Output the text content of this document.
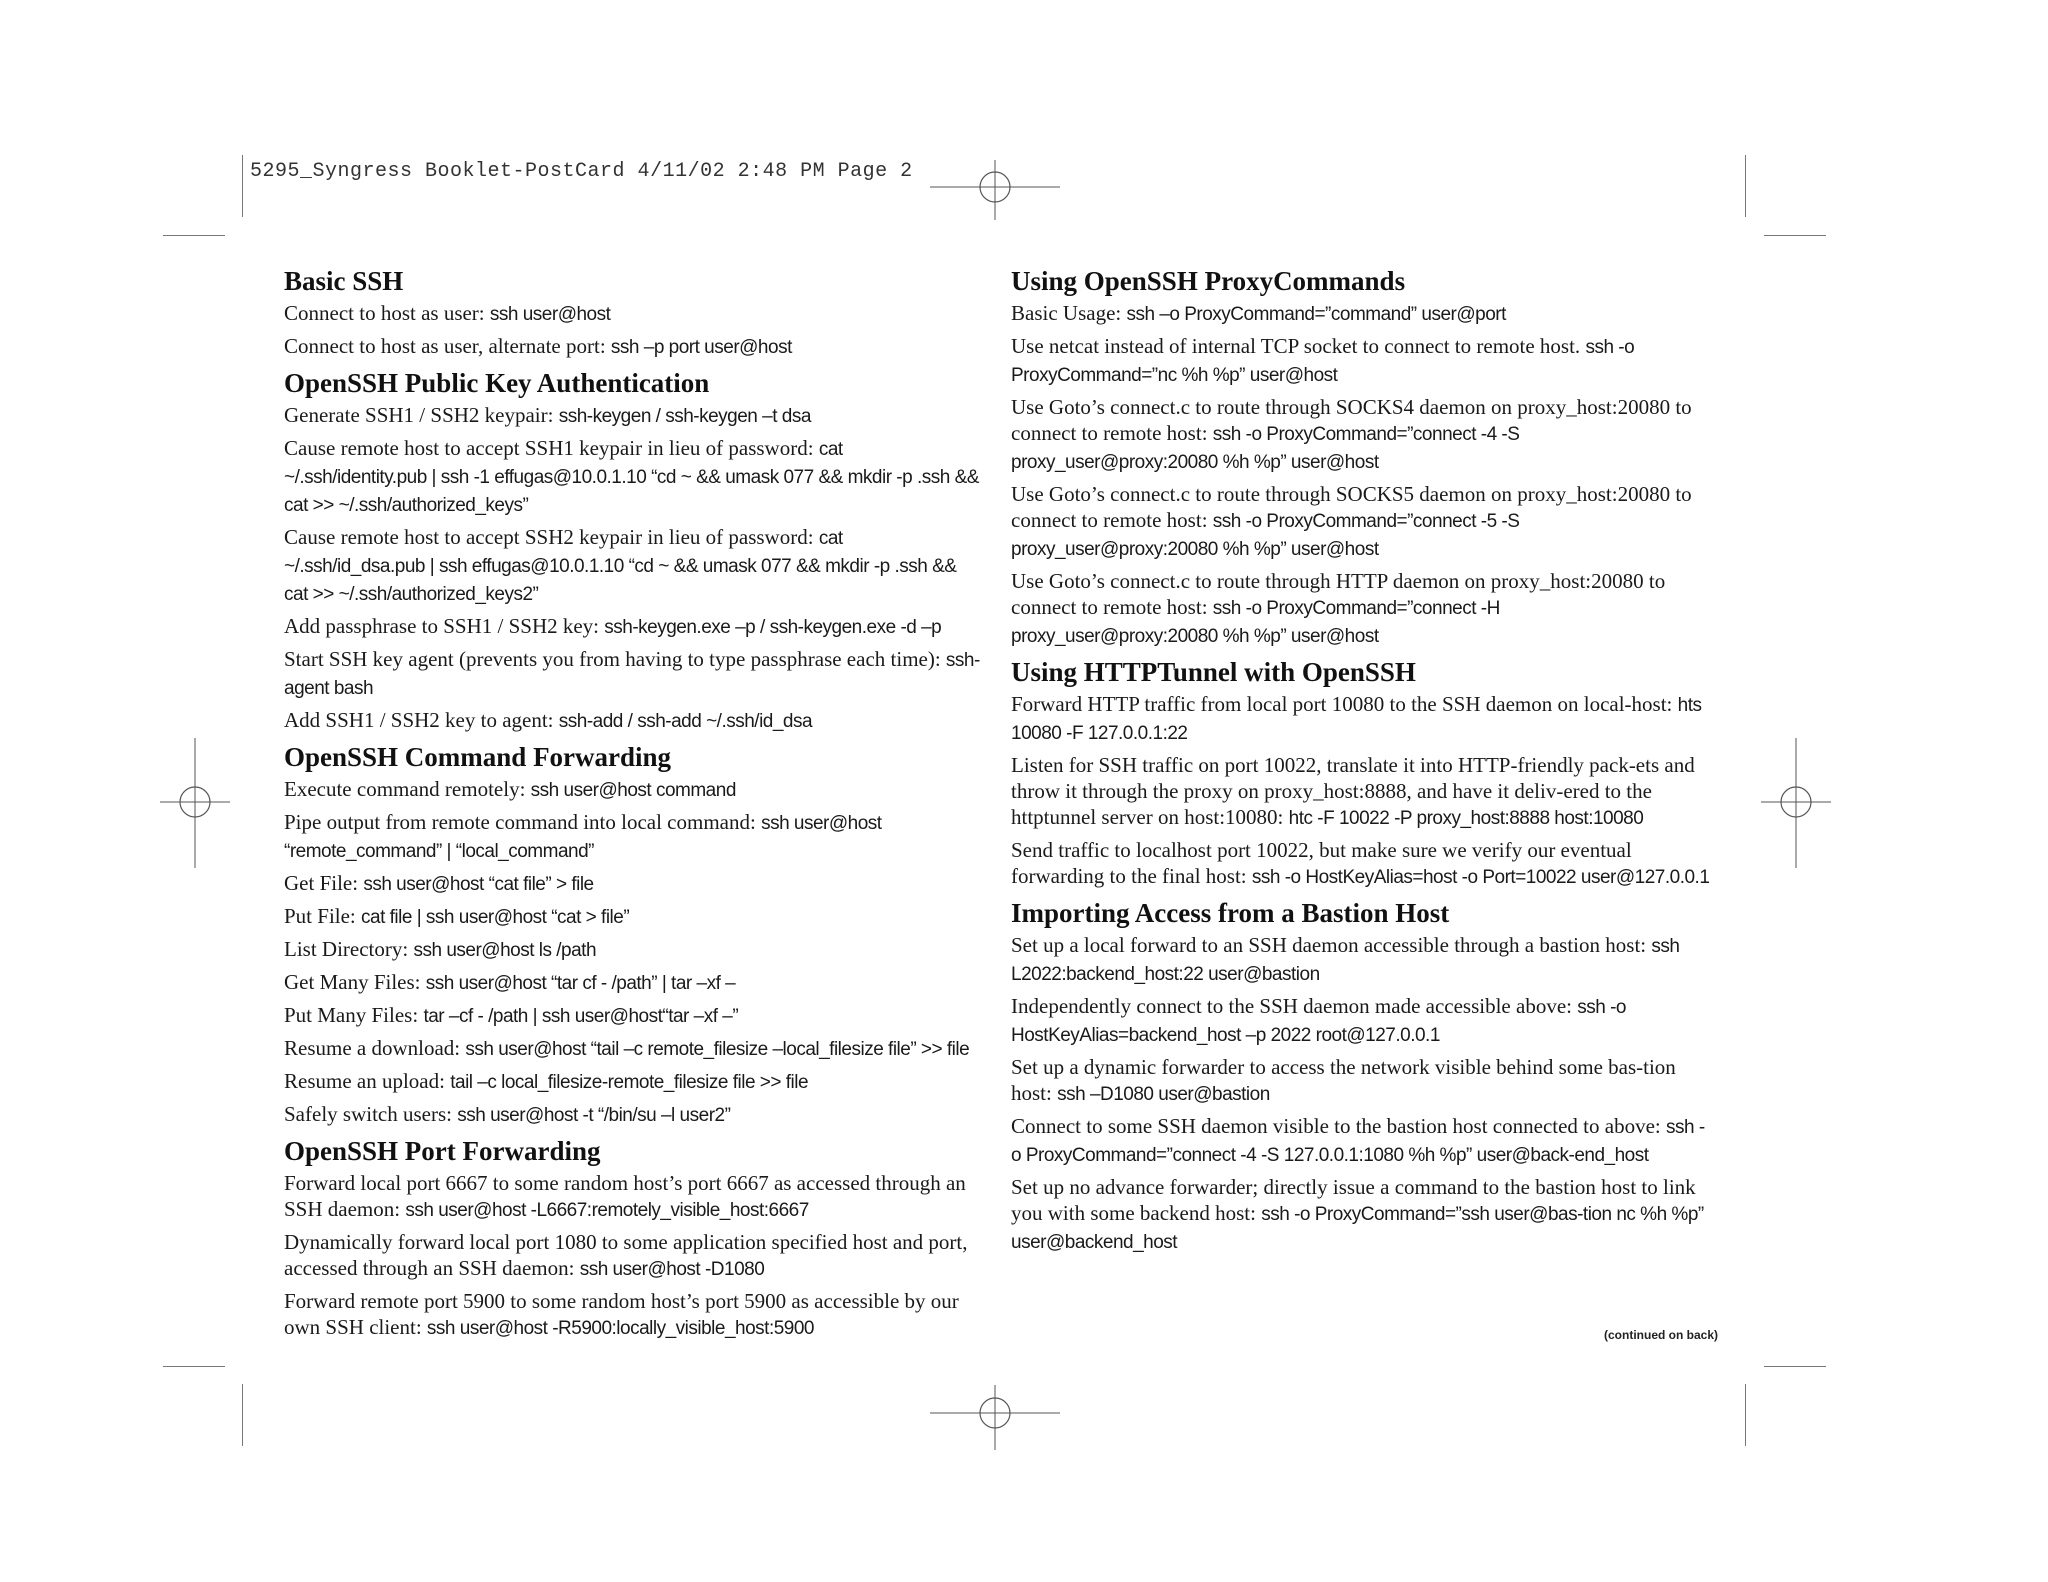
5295_Syngress Booklet-PostCard 4/11/02 2:48 PM Page 2
Basic SSH

Connect to host as user: ssh user@host

Connect to host as user, alternate port: ssh –p port user@host

OpenSSH Public Key Authentication

Generate SSH1 / SSH2 keypair: ssh-keygen / ssh-keygen –t dsa

Cause remote host to accept SSH1 keypair in lieu of password: cat ~/.ssh/identity.pub | ssh -1 effugas@10.0.1.10 “cd ~ && umask 077 && mkdir -p .ssh && cat >> ~/.ssh/authorized_keys”

Cause remote host to accept SSH2 keypair in lieu of password: cat ~/.ssh/id_dsa.pub | ssh effugas@10.0.1.10 “cd ~ && umask 077 && mkdir -p .ssh && cat >> ~/.ssh/authorized_keys2”

Add passphrase to SSH1 / SSH2 key: ssh-keygen.exe –p / ssh-keygen.exe -d –p

Start SSH key agent (prevents you from having to type passphrase each time): ssh-agent bash

Add SSH1 / SSH2 key to agent: ssh-add / ssh-add ~/.ssh/id_dsa

OpenSSH Command Forwarding

Execute command remotely: ssh user@host command

Pipe output from remote command into local command: ssh user@host “remote_command” | “local_command”

Get File: ssh user@host “cat file” > file

Put File: cat file | ssh user@host “cat > file”

List Directory: ssh user@host ls /path

Get Many Files: ssh user@host “tar cf - /path” | tar –xf –

Put Many Files: tar –cf - /path | ssh user@host“tar –xf –”

Resume a download: ssh user@host “tail –c remote_filesize –local_filesize file” >> file

Resume an upload: tail –c local_filesize-remote_filesize file >> file

Safely switch users: ssh user@host -t “/bin/su –l user2”

OpenSSH Port Forwarding

Forward local port 6667 to some random host’s port 6667 as accessed through an SSH daemon: ssh user@host -L6667:remotely_visible_host:6667

Dynamically forward local port 1080 to some application specified host and port, accessed through an SSH daemon: ssh user@host -D1080

Forward remote port 5900 to some random host’s port 5900 as accessible by our own SSH client: ssh user@host -R5900:locally_visible_host:5900

Using OpenSSH ProxyCommands

Basic Usage: ssh –o ProxyCommand=”command” user@port

Use netcat instead of internal TCP socket to connect to remote host. ssh -o ProxyCommand=”nc %h %p” user@host

Use Goto’s connect.c to route through SOCKS4 daemon on proxy_host:20080 to connect to remote host: ssh -o ProxyCommand=”connect -4 -S proxy_user@proxy:20080 %h %p” user@host

Use Goto’s connect.c to route through SOCKS5 daemon on proxy_host:20080 to connect to remote host: ssh -o ProxyCommand=”connect -5 -S proxy_user@proxy:20080 %h %p” user@host

Use Goto’s connect.c to route through HTTP daemon on proxy_host:20080 to connect to remote host: ssh -o ProxyCommand=”connect -H proxy_user@proxy:20080 %h %p” user@host

Using HTTPTunnel with OpenSSH

Forward HTTP traffic from local port 10080 to the SSH daemon on local-host: hts 10080 -F 127.0.0.1:22

Listen for SSH traffic on port 10022, translate it into HTTP-friendly pack-ets and throw it through the proxy on proxy_host:8888, and have it deliv-ered to the httptunnel server on host:10080: htc -F 10022 -P proxy_host:8888 host:10080

Send traffic to localhost port 10022, but make sure we verify our eventual forwarding to the final host: ssh -o HostKeyAlias=host -o Port=10022 user@127.0.0.1

Importing Access from a Bastion Host

Set up a local forward to an SSH daemon accessible through a bastion host: ssh L2022:backend_host:22 user@bastion

Independently connect to the SSH daemon made accessible above: ssh -o HostKeyAlias=backend_host –p 2022 root@127.0.0.1

Set up a dynamic forwarder to access the network visible behind some bas-tion host: ssh –D1080 user@bastion

Connect to some SSH daemon visible to the bastion host connected to above: ssh -o ProxyCommand=”connect -4 -S 127.0.0.1:1080 %h %p” user@back-end_host

Set up no advance forwarder; directly issue a command to the bastion host to link you with some backend host: ssh -o ProxyCommand=”ssh user@bas-tion nc %h %p” user@backend_host

(continued on back)
